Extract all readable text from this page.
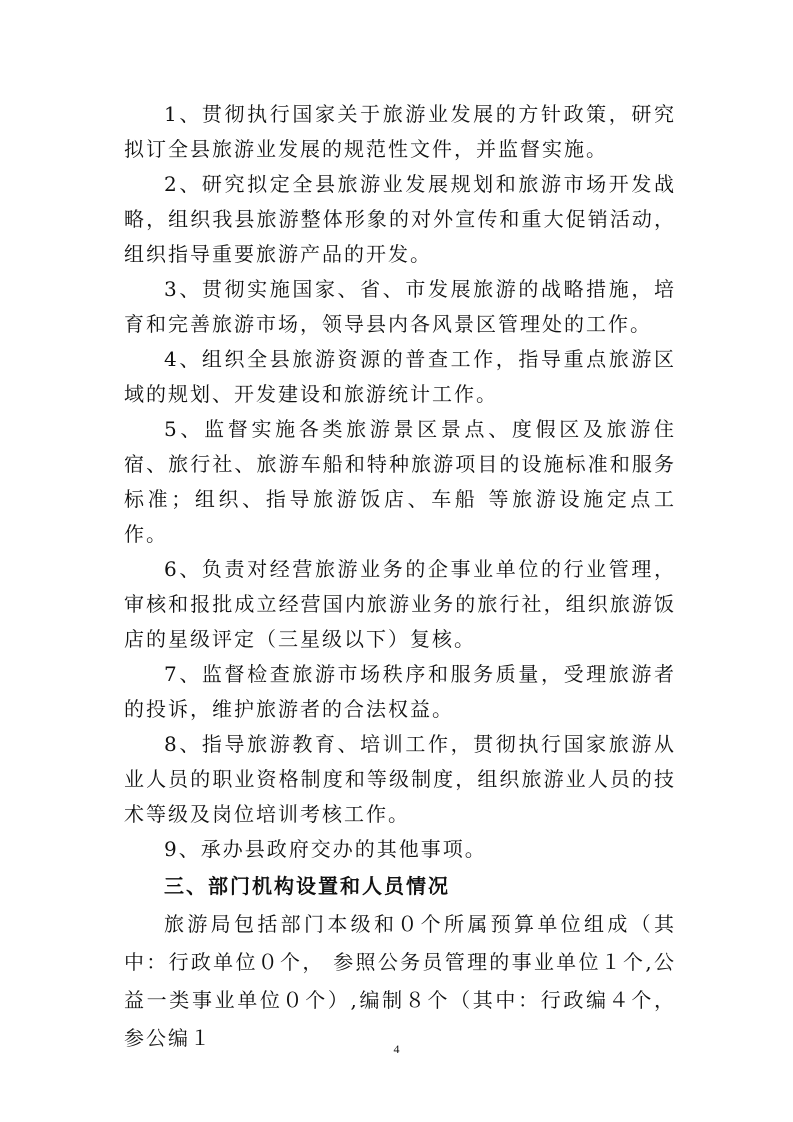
1、贯彻执行国家关于旅游业发展的方针政策，研究拟订全县旅游业发展的规范性文件，并监督实施。

2、研究拟定全县旅游业发展规划和旅游市场开发战略，组织我县旅游整体形象的对外宣传和重大促销活动，组织指导重要旅游产品的开发。

3、贯彻实施国家、省、市发展旅游的战略措施，培育和完善旅游市场，领导县内各风景区管理处的工作。

4、组织全县旅游资源的普查工作，指导重点旅游区域的规划、开发建设和旅游统计工作。

5、监督实施各类旅游景区景点、度假区及旅游住宿、旅行社、旅游车船和特种旅游项目的设施标准和服务标准；组织、指导旅游饭店、车船 等旅游设施定点工作。

6、负责对经营旅游业务的企事业单位的行业管理，审核和报批成立经营国内旅游业务的旅行社，组织旅游饭店的星级评定（三星级以下）复核。

7、监督检查旅游市场秩序和服务质量，受理旅游者的投诉，维护旅游者的合法权益。

8、指导旅游教育、培训工作，贯彻执行国家旅游从业人员的职业资格制度和等级制度，组织旅游业人员的技术等级及岗位培训考核工作。

9、承办县政府交办的其他事项。

三、部门机构设置和人员情况

旅游局包括部门本级和０个所属预算单位组成（其中：行政单位０个， 参照公务员管理的事业单位１个,公益一类事业单位０个）,编制８个（其中：行政编４个，参公编１	4
